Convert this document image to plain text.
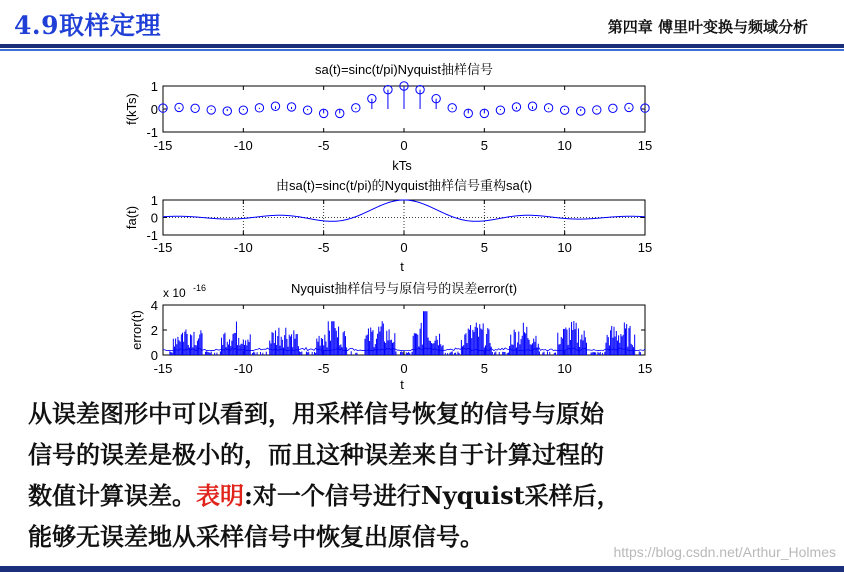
4.9取样定理	第四章 傅里叶变换与频域分析
-15	-10	-5	0	5	10	15
1
0
-1
sa(t)=sinc(t/pi)Nyquist抽样信号
kTs
f(kTs)
-15	-10	-5	0	5	10	15
1
0
-1
由sa(t)=sinc(t/pi)的Nyquist抽样信号重构sa(t)
t
fa(t)
-15	-10	-5	0	5	10	15
4
2
0
Nyquist抽样信号与原信号的误差error(t)
t
error(t)
x 10 -16

从误差图形中可以看到，用采样信号恢复的信号与原始

信号的误差是极小的，而且这种误差来自于计算过程的

数值计算误差。表明:对一个信号进行Nyquist采样后，

能够无误差地从采样信号中恢复出原信号。

https://blog.csdn.net/Arthur_Holmes
